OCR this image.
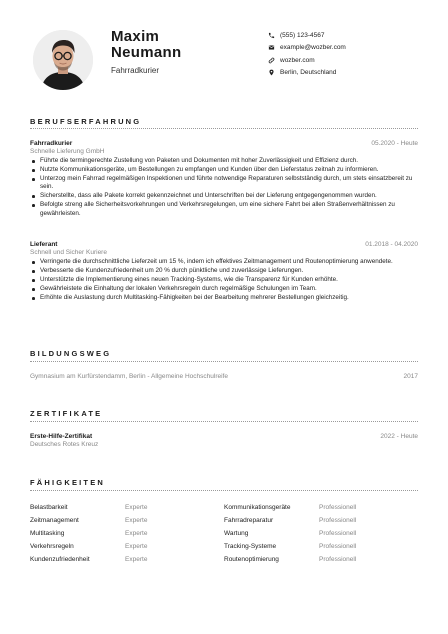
Maxim
Neumann
Fahrradkurier
(555) 123-4567
example@wozber.com
wozber.com
Berlin, Deutschland
BERUFSERFAHRUNG
Fahrradkurier	05.2020 - Heute
Schnelle Lieferung GmbH
Führte die termingerechte Zustellung von Paketen und Dokumenten mit hoher Zuverlässigkeit und Effizienz durch.
Nutzte Kommunikationsgeräte, um Bestellungen zu empfangen und Kunden über den Lieferstatus zeitnah zu informieren.
Unterzog mein Fahrrad regelmäßigen Inspektionen und führte notwendige Reparaturen selbstständig durch, um stets einsatzbereit zu sein.
Sicherstellte, dass alle Pakete korrekt gekennzeichnet und Unterschriften bei der Lieferung entgegengenommen wurden.
Befolgte streng alle Sicherheitsvorkehrungen und Verkehrsregelungen, um eine sichere Fahrt bei allen Straßenverhältnissen zu gewährleisten.
Lieferant	01.2018 - 04.2020
Schnell und Sicher Kuriere
Verringerte die durchschnittliche Lieferzeit um 15 %, indem ich effektives Zeitmanagement und Routenoptimierung anwendete.
Verbesserte die Kundenzufriedenheit um 20 % durch pünktliche und zuverlässige Lieferungen.
Unterstützte die Implementierung eines neuen Tracking-Systems, wie die Transparenz für Kunden erhöhte.
Gewährleistete die Einhaltung der lokalen Verkehrsregeln durch regelmäßige Schulungen im Team.
Erhöhte die Auslastung durch Multitasking-Fähigkeiten bei der Bearbeitung mehrerer Bestellungen gleichzeitig.
BILDUNGSWEG
Gymnasium am Kurfürstendamm, Berlin - Allgemeine Hochschulreife	2017
ZERTIFIKATE
Erste-Hilfe-Zertifikat	2022 - Heute
Deutsches Rotes Kreuz
FÄHIGKEITEN
Belastbarkeit	Experte	Kommunikationsgeräte	Professionell
Zeitmanagement	Experte	Fahrradreparatur	Professionell
Multitasking	Experte	Wartung	Professionell
Verkehrsregeln	Experte	Tracking-Systeme	Professionell
Kundenzufriedenheit	Experte	Routenoptimierung	Professionell
